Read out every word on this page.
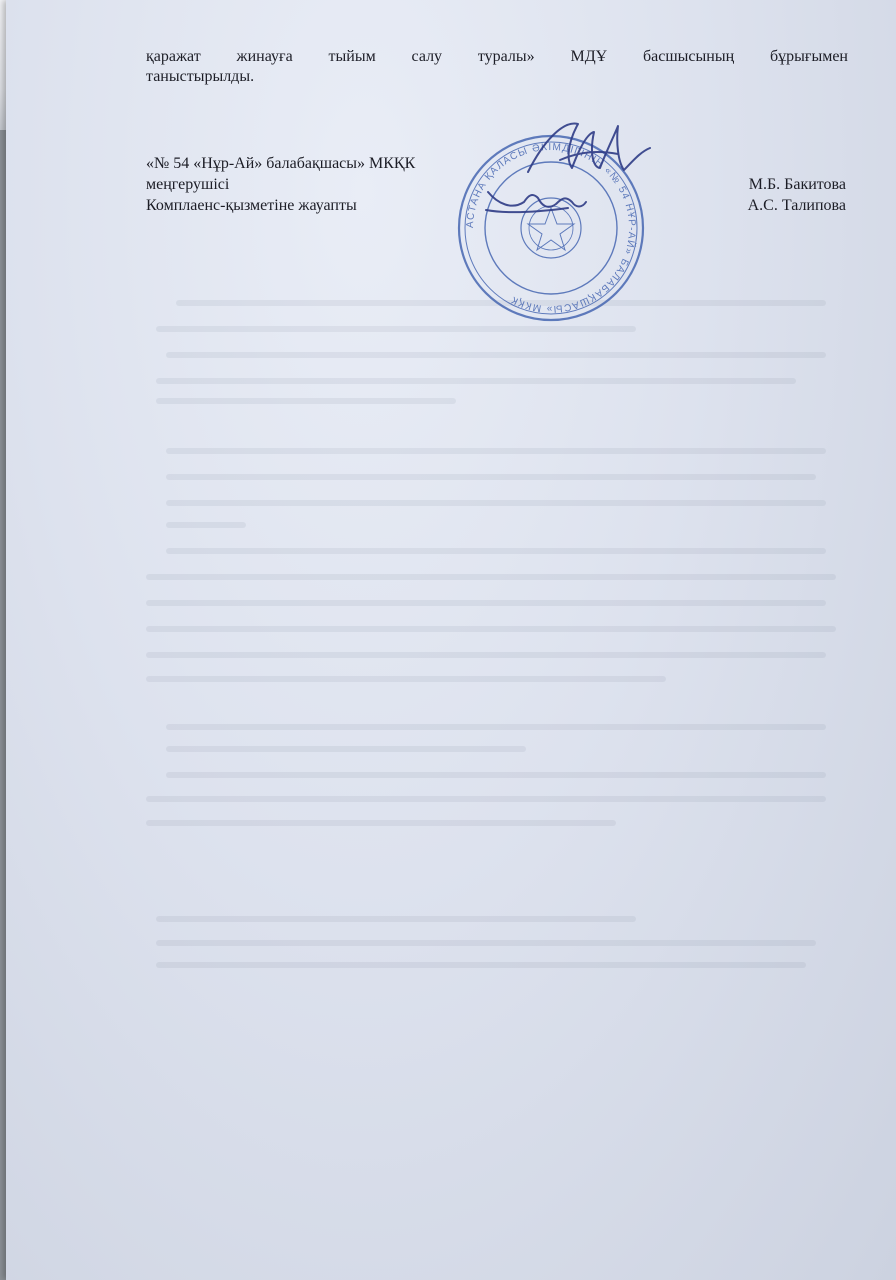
қаражат жинауға тыйым салу туралы» МДҰ басшысының бұрығымен
таныстырылды.
«№ 54 «Нұр-Ай» балабақшасы» МКҚК
меңгерушісі	М.Б. Бакитова
Комплаенс-қызметіне жауапты	А.С. Талипова
АСТАНА ҚАЛАСЫ ӘКІМДІГІНІҢ «№ 54 НҰР-АЙ» БАЛАБАҚШАСЫ» МКҚК
